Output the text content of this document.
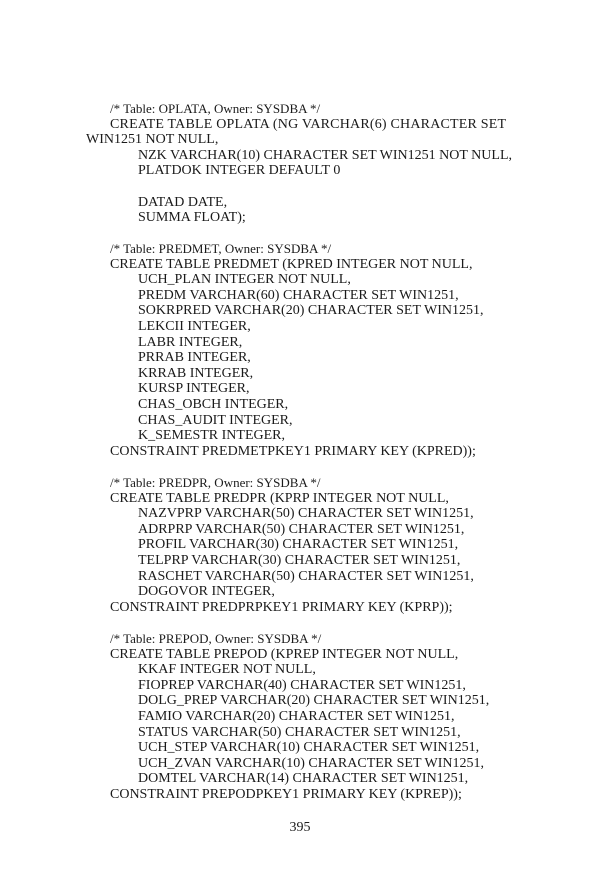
/* Table: OPLATA, Owner: SYSDBA */
CREATE TABLE OPLATA (NG VARCHAR(6) CHARACTER SET
WIN1251 NOT NULL,
NZK VARCHAR(10) CHARACTER SET WIN1251 NOT NULL,
PLATDOK INTEGER DEFAULT 0
DATAD DATE,
SUMMA FLOAT);
/* Table: PREDMET, Owner: SYSDBA */
CREATE TABLE PREDMET (KPRED INTEGER NOT NULL,
UCH_PLAN INTEGER NOT NULL,
PREDM VARCHAR(60) CHARACTER SET WIN1251,
SOKRPRED VARCHAR(20) CHARACTER SET WIN1251,
LEKCII INTEGER,
LABR INTEGER,
PRRAB INTEGER,
KRRAB INTEGER,
KURSP INTEGER,
CHAS_OBCH INTEGER,
CHAS_AUDIT INTEGER,
K_SEMESTR INTEGER,
CONSTRAINT PREDMETPKEY1 PRIMARY KEY (KPRED));
/* Table: PREDPR, Owner: SYSDBA */
CREATE TABLE PREDPR (KPRP INTEGER NOT NULL,
NAZVPRP VARCHAR(50) CHARACTER SET WIN1251,
ADRPRP VARCHAR(50) CHARACTER SET WIN1251,
PROFIL VARCHAR(30) CHARACTER SET WIN1251,
TELPRP VARCHAR(30) CHARACTER SET WIN1251,
RASCHET VARCHAR(50) CHARACTER SET WIN1251,
DOGOVOR INTEGER,
CONSTRAINT PREDPRPKEY1 PRIMARY KEY (KPRP));
/* Table: PREPOD, Owner: SYSDBA */
CREATE TABLE PREPOD (KPREP INTEGER NOT NULL,
KKAF INTEGER NOT NULL,
FIOPREP VARCHAR(40) CHARACTER SET WIN1251,
DOLG_PREP VARCHAR(20) CHARACTER SET WIN1251,
FAMIO VARCHAR(20) CHARACTER SET WIN1251,
STATUS VARCHAR(50) CHARACTER SET WIN1251,
UCH_STEP VARCHAR(10) CHARACTER SET WIN1251,
UCH_ZVAN VARCHAR(10) CHARACTER SET WIN1251,
DOMTEL VARCHAR(14) CHARACTER SET WIN1251,
CONSTRAINT PREPODPKEY1 PRIMARY KEY (KPREP));
395
